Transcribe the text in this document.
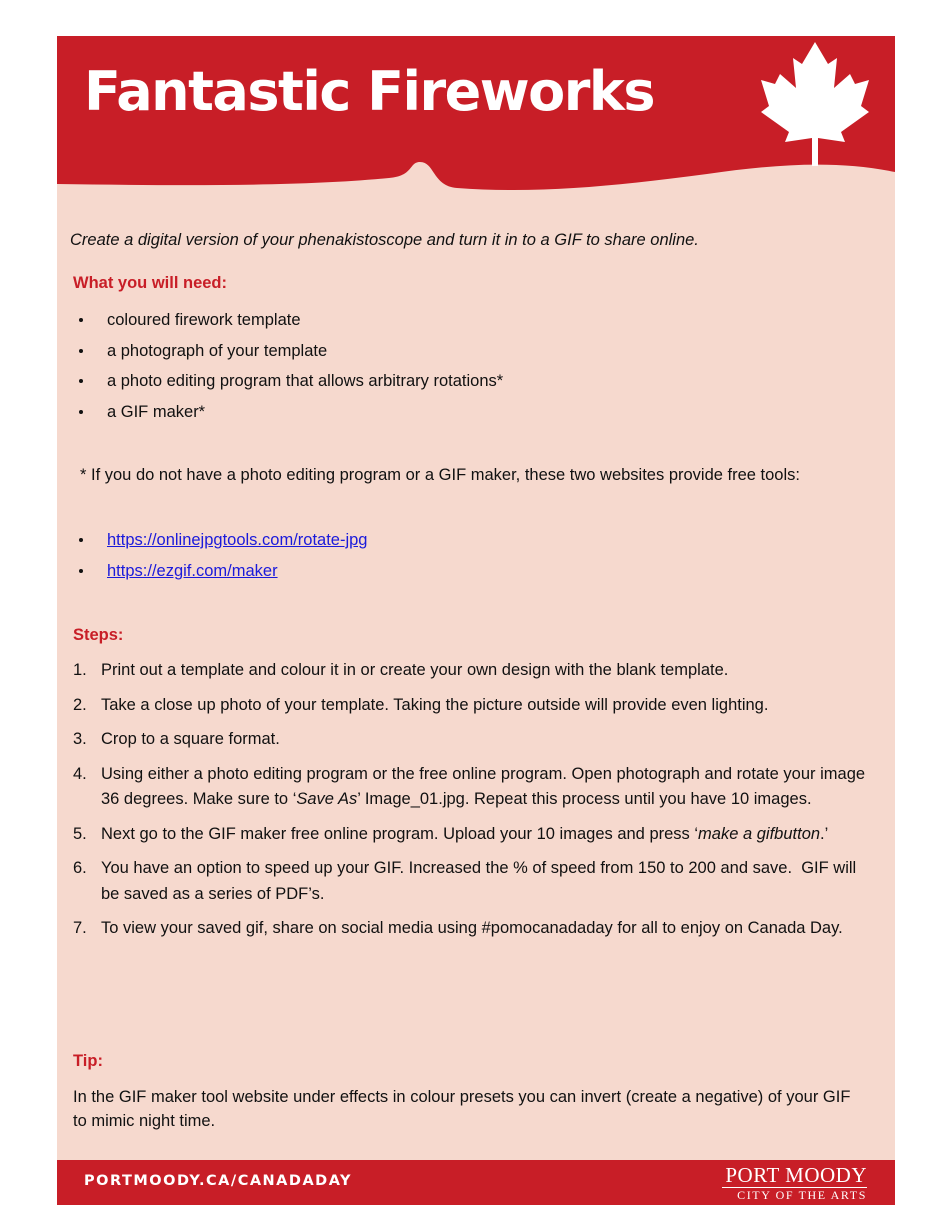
Fantastic Fireworks

Create a digital version of your phenakistoscope and turn it in to a GIF to share online.

What you will need:
coloured firework template
a photograph of your template
a photo editing program that allows arbitrary rotations*
a GIF maker*

* If you do not have a photo editing program or a GIF maker, these two websites provide free tools:

https://onlinejpgtools.com/rotate-jpg
https://ezgif.com/maker
Steps:
1. Print out a template and colour it in or create your own design with the blank template.
2. Take a close up photo of your template. Taking the picture outside will provide even lighting.
3. Crop to a square format.
4. Using either a photo editing program or the free online program. Open photograph and rotate your image 36 degrees. Make sure to ‘Save As’ Image_01.jpg. Repeat this process until you have 10 images.
5. Next go to the GIF maker free online program. Upload your 10 images and press ‘make a gifbutton.’
6. You have an option to speed up your GIF. Increased the % of speed from 150 to 200 and save.  GIF will be saved as a series of PDF’s.
7. To view your saved gif, share on social media using #pomocanadaday for all to enjoy on Canada Day.
Tip:

In the GIF maker tool website under effects in colour presets you can invert (create a negative) of your GIF to mimic night time.

PORTMOODY.CA/CANADADAY	PORT MOODY
CITY OF THE ARTS
